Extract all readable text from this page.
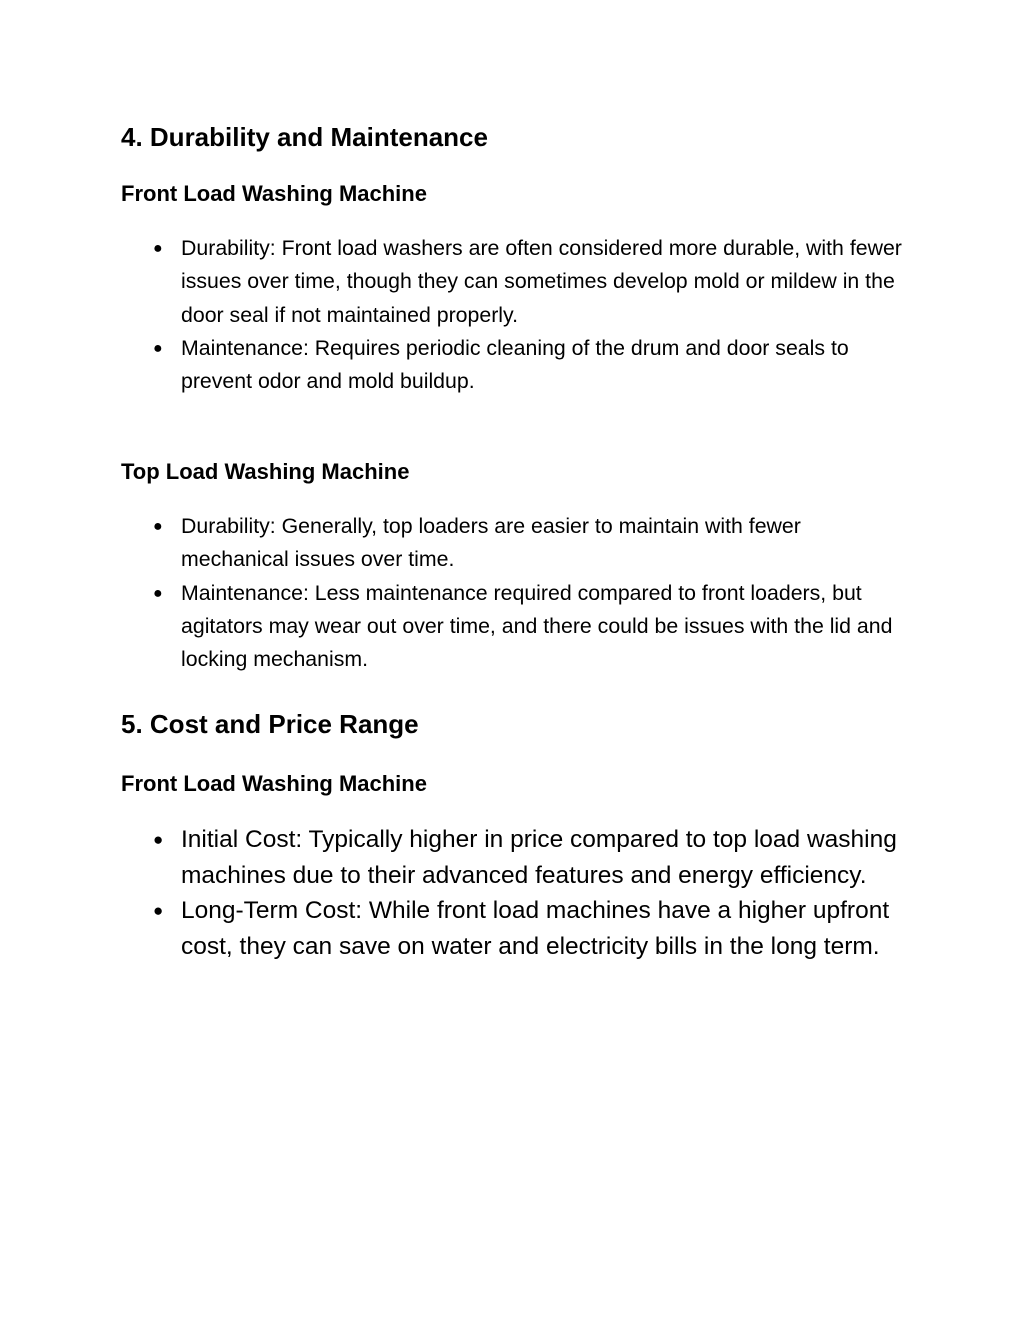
4. Durability and Maintenance
Front Load Washing Machine
● Durability: Front load washers are often considered more durable, with fewer issues over time, though they can sometimes develop mold or mildew in the door seal if not maintained properly.
● Maintenance: Requires periodic cleaning of the drum and door seals to prevent odor and mold buildup.
Top Load Washing Machine
● Durability: Generally, top loaders are easier to maintain with fewer mechanical issues over time.
● Maintenance: Less maintenance required compared to front loaders, but agitators may wear out over time, and there could be issues with the lid and locking mechanism.
5. Cost and Price Range
Front Load Washing Machine
● Initial Cost: Typically higher in price compared to top load washing machines due to their advanced features and energy efficiency.
● Long-Term Cost: While front load machines have a higher upfront cost, they can save on water and electricity bills in the long term.
